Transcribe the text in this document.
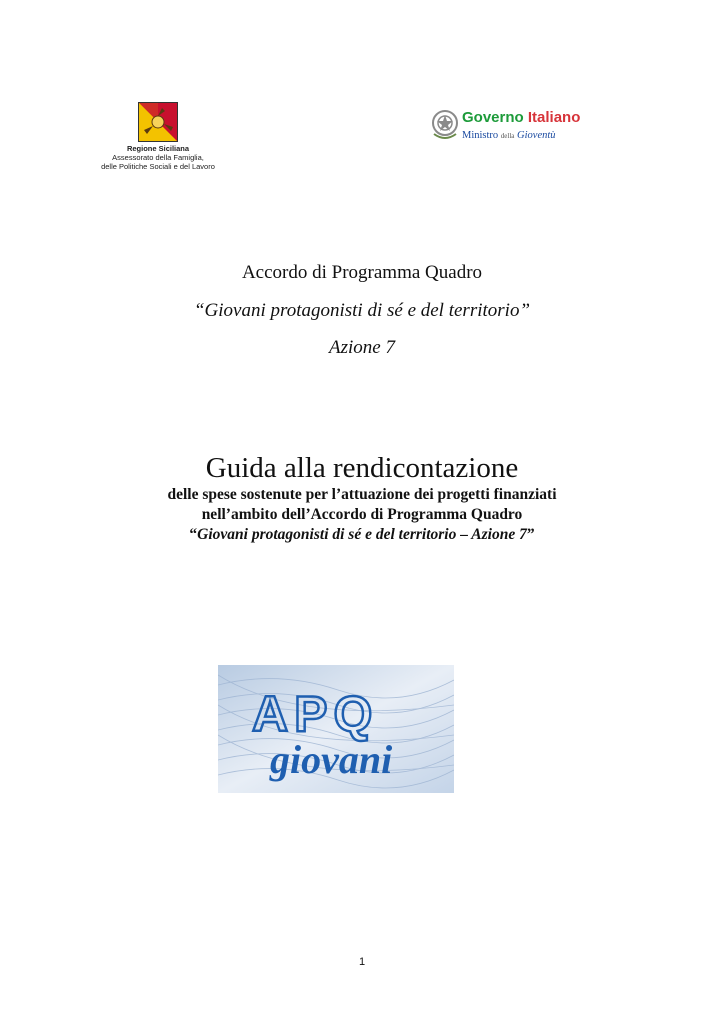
Regione Siciliana
Assessorato della Famiglia,
delle Politiche Sociali e del Lavoro
Governo Italiano
Ministro della Gioventù
Accordo di Programma Quadro
“Giovani protagonisti di sé e del territorio”
Azione 7
Guida alla rendicontazione
delle spese sostenute per l’attuazione dei progetti finanziati
nell’ambito dell’Accordo di Programma Quadro
“Giovani protagonisti di sé e del territorio – Azione 7”
APQ
giovani
1
